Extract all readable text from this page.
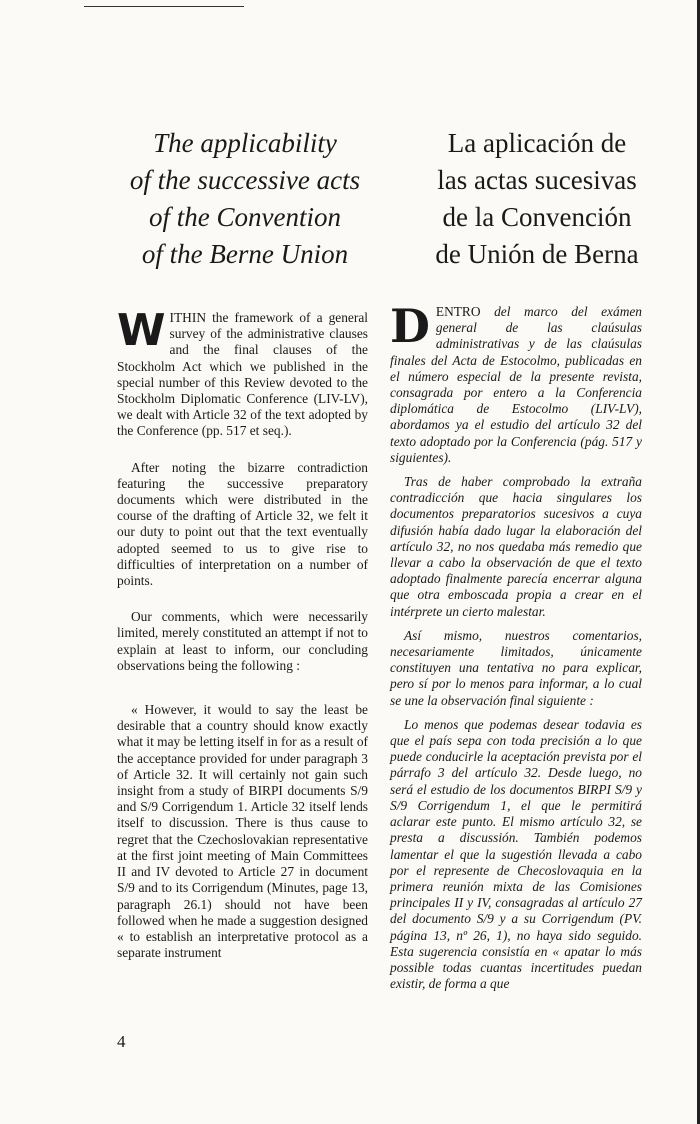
The applicability
of the successive acts
of the Convention
of the Berne Union
La aplicación de
las actas sucesivas
de la Convención
de Unión de Berna

WITHIN the framework of a general survey of the administrative clauses and the final clauses of the Stockholm Act which we published in the special number of this Review devoted to the Stockholm Diplomatic Conference (LIV-LV), we dealt with Article 32 of the text adopted by the Conference (pp. 517 et seq.).

After noting the bizarre contradiction featuring the successive preparatory documents which were distributed in the course of the drafting of Article 32, we felt it our duty to point out that the text eventually adopted seemed to us to give rise to difficulties of interpretation on a number of points.

Our comments, which were necessarily limited, merely constituted an attempt if not to explain at least to inform, our concluding observations being the following :

« However, it would to say the least be desirable that a country should know exactly what it may be letting itself in for as a result of the acceptance provided for under paragraph 3 of Article 32. It will certainly not gain such insight from a study of BIRPI documents S/9 and S/9 Corrigendum 1. Article 32 itself lends itself to discussion. There is thus cause to regret that the Czechoslovakian representative at the first joint meeting of Main Committees II and IV devoted to Article 27 in document S/9 and to its Corrigendum (Minutes, page 13, paragraph 26.1) should not have been followed when he made a suggestion designed « to establish an interpretative protocol as a separate instrument

DENTRO del marco del exámen general de las claúsulas administrativas y de las claúsulas finales del Acta de Estocolmo, publicadas en el número especial de la presente revista, consagrada por entero a la Conferencia diplomática de Estocolmo (LIV-LV), abordamos ya el estudio del artículo 32 del texto adoptado por la Conferencia (pág. 517 y siguientes).

Tras de haber comprobado la extraña contradicción que hacia singulares los documentos preparatorios sucesivos a cuya difusión había dado lugar la elaboración del artículo 32, no nos quedaba más remedio que llevar a cabo la observación de que el texto adoptado finalmente parecía encerrar alguna que otra emboscada propia a crear en el intérprete un cierto malestar.

Así mismo, nuestros comentarios, necesariamente limitados, únicamente constituyen una tentativa no para explicar, pero sí por lo menos para informar, a lo cual se une la observación final siguiente :

Lo menos que podemas desear todavia es que el país sepa con toda precisión a lo que puede conducirle la aceptación prevista por el párrafo 3 del artículo 32. Desde luego, no será el estudio de los documentos BIRPI S/9 y S/9 Corrigendum 1, el que le permitirá aclarar este punto. El mismo artículo 32, se presta a discussión. También podemos lamentar el que la sugestión llevada a cabo por el represente de Checoslovaquia en la primera reunión mixta de las Comisiones principales II y IV, consagradas al artículo 27 del documento S/9 y a su Corrigendum (PV. página 13, nº 26, 1), no haya sido seguido. Esta sugerencia consistía en « apatar lo más possible todas cuantas incertitudes puedan existir, de forma a que

4
